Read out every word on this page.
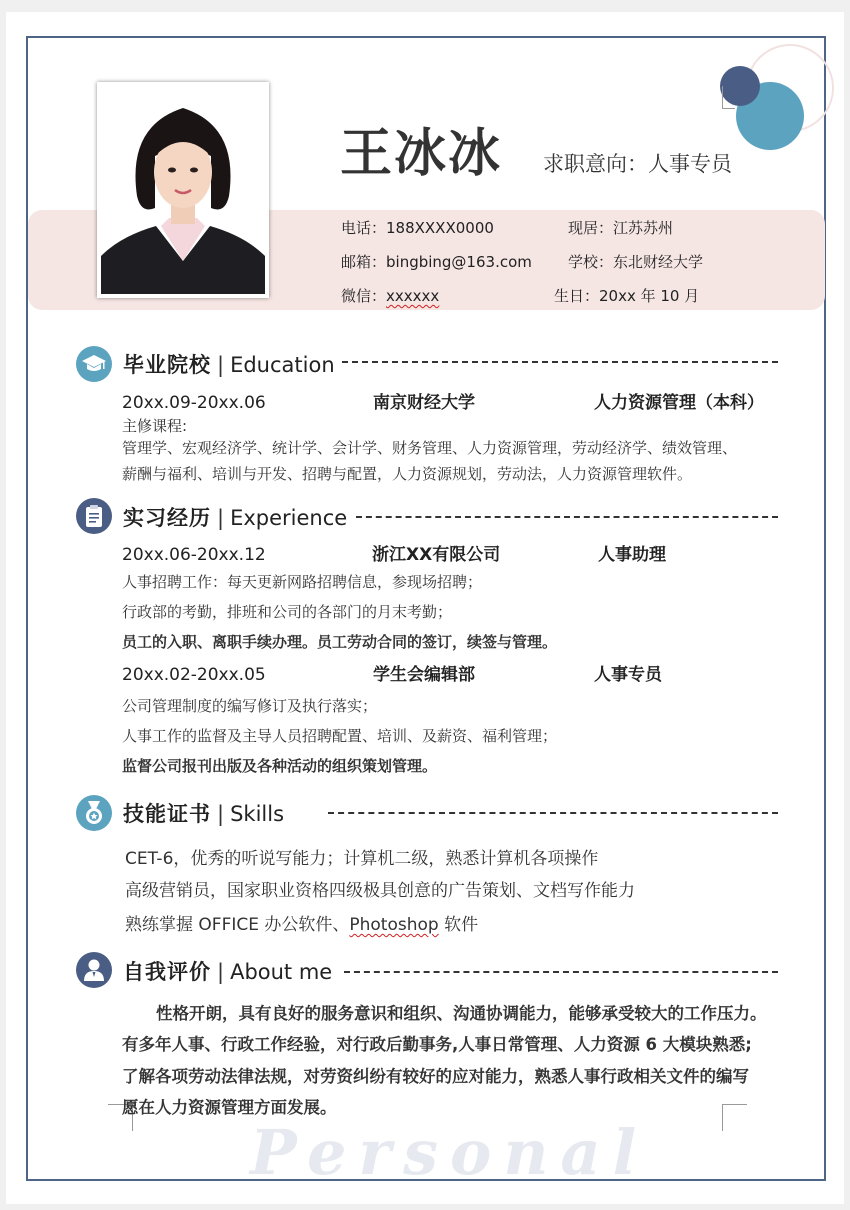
王冰冰 求职意向：人事专员
电话：188XXXX0000	现居：江苏苏州
邮箱：bingbing@163.com 学校：东北财经大学
微信：xxxxxx	生日：20xx 年 10 月
毕业院校 | Education
20xx.09-20xx.06	南京财经大学	人力资源管理（本科）
主修课程:
管理学、宏观经济学、统计学、会计学、财务管理、人力资源管理，劳动经济学、绩效管理、
薪酬与福利、培训与开发、招聘与配置，人力资源规划，劳动法，人力资源管理软件。
实习经历 | Experience
20xx.06-20xx.12	浙江XX有限公司	人事助理
人事招聘工作：每天更新网路招聘信息，参现场招聘；
行政部的考勤，排班和公司的各部门的月末考勤；
员工的入职、离职手续办理。员工劳动合同的签订，续签与管理。
20xx.02-20xx.05	学生会编辑部	人事专员
公司管理制度的编写修订及执行落实；
人事工作的监督及主导人员招聘配置、培训、及薪资、福利管理；
监督公司报刊出版及各种活动的组织策划管理。
技能证书 | Skills
CET-6，优秀的听说写能力；计算机二级，熟悉计算机各项操作
高级营销员，国家职业资格四级极具创意的广告策划、文档写作能力
熟练掌握 OFFICE 办公软件、Photoshop 软件
自我评价 | About me
性格开朗，具有良好的服务意识和组织、沟通协调能力，能够承受较大的工作压力。
有多年人事、行政工作经验，对行政后勤事务,人事日常管理、人力资源 6 大模块熟悉;
了解各项劳动法律法规，对劳资纠纷有较好的应对能力，熟悉人事行政相关文件的编写
愿在人力资源管理方面发展。
Personal
